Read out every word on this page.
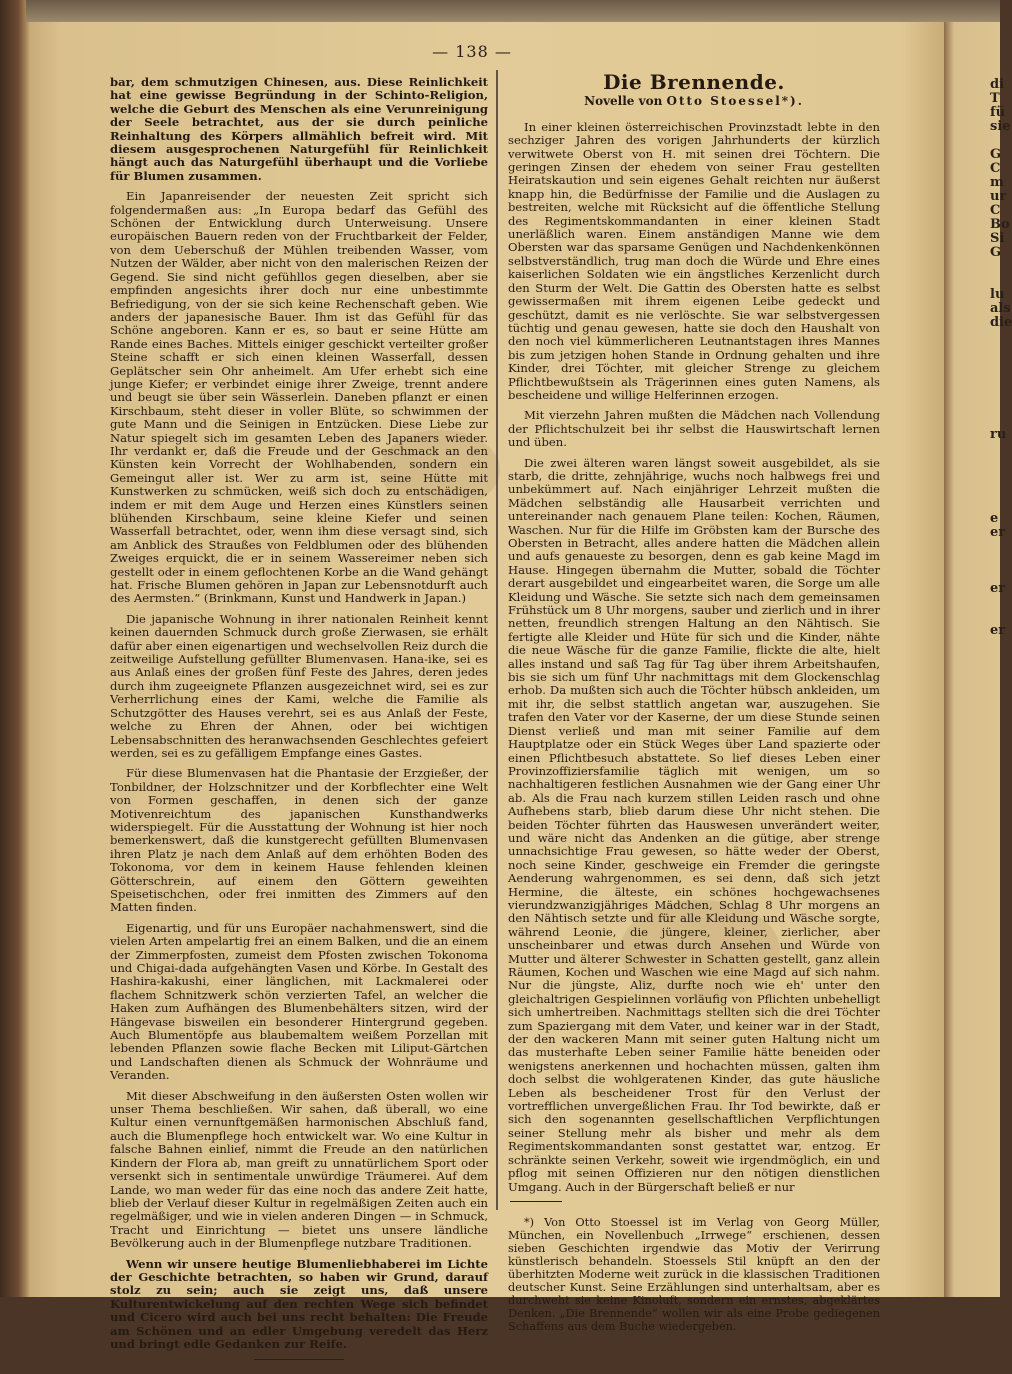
— 138 —

bar, dem schmutzigen Chinesen, aus. Diese Reinlichkeit hat eine gewisse Begründung in der Schinto-Religion, welche die Geburt des Menschen als eine Verunreinigung der Seele betrachtet, aus der sie durch peinliche Reinhaltung des Körpers allmählich befreit wird. Mit diesem ausgesprochenen Naturgefühl für Reinlichkeit hängt auch das Naturgefühl überhaupt und die Vorliebe für Blumen zusammen.

Ein Japanreisender der neuesten Zeit spricht sich folgendermaßen aus: „In Europa bedarf das Gefühl des Schönen der Entwicklung durch Unterweisung. Unsere europäischen Bauern reden von der Fruchtbarkeit der Felder, von dem Ueberschuß der Mühlen treibenden Wasser, vom Nutzen der Wälder, aber nicht von den malerischen Reizen der Gegend. Sie sind nicht gefühllos gegen dieselben, aber sie empfinden angesichts ihrer doch nur eine unbestimmte Befriedigung, von der sie sich keine Rechenschaft geben. Wie anders der japanesische Bauer. Ihm ist das Gefühl für das Schöne angeboren. Kann er es, so baut er seine Hütte am Rande eines Baches. Mittels einiger geschickt verteilter großer Steine schafft er sich einen kleinen Wasserfall, dessen Geplätscher sein Ohr anheimelt. Am Ufer erhebt sich eine junge Kiefer; er verbindet einige ihrer Zweige, trennt andere und beugt sie über sein Wässerlein. Daneben pflanzt er einen Kirschbaum, steht dieser in voller Blüte, so schwimmen der gute Mann und die Seinigen in Entzücken. Diese Liebe zur Natur spiegelt sich im gesamten Leben des Japaners wieder. Ihr verdankt er, daß die Freude und der Geschmack an den Künsten kein Vorrecht der Wohlhabenden, sondern ein Gemeingut aller ist. Wer zu arm ist, seine Hütte mit Kunstwerken zu schmücken, weiß sich doch zu entschädigen, indem er mit dem Auge und Herzen eines Künstlers seinen blühenden Kirschbaum, seine kleine Kiefer und seinen Wasserfall betrachtet, oder, wenn ihm diese versagt sind, sich am Anblick des Straußes von Feldblumen oder des blühenden Zweiges erquickt, die er in seinem Wassereimer neben sich gestellt oder in einem geflochtenen Korbe an die Wand gehängt hat. Frische Blumen gehören in Japan zur Lebensnotdurft auch des Aermsten.“ (Brinkmann, Kunst und Handwerk in Japan.)

Die japanische Wohnung in ihrer nationalen Reinheit kennt keinen dauernden Schmuck durch große Zierwasen, sie erhält dafür aber einen eigenartigen und wechselvollen Reiz durch die zeitweilige Aufstellung gefüllter Blumenvasen. Hana-ike, sei es aus Anlaß eines der großen fünf Feste des Jahres, deren jedes durch ihm zugeeignete Pflanzen ausgezeichnet wird, sei es zur Verherrlichung eines der Kami, welche die Familie als Schutzgötter des Hauses verehrt, sei es aus Anlaß der Feste, welche zu Ehren der Ahnen, oder bei wichtigen Lebensabschnitten des heranwachsenden Geschlechtes gefeiert werden, sei es zu gefälligem Empfange eines Gastes.

Für diese Blumenvasen hat die Phantasie der Erzgießer, der Tonbildner, der Holzschnitzer und der Korbflechter eine Welt von Formen geschaffen, in denen sich der ganze Motivenreichtum des japanischen Kunsthandwerks widerspiegelt. Für die Ausstattung der Wohnung ist hier noch bemerkenswert, daß die kunstgerecht gefüllten Blumenvasen ihren Platz je nach dem Anlaß auf dem erhöhten Boden des Tokonoma, vor dem in keinem Hause fehlenden kleinen Götterschrein, auf einem den Göttern geweihten Speisetischchen, oder frei inmitten des Zimmers auf den Matten finden.

Eigenartig, und für uns Europäer nachahmenswert, sind die vielen Arten ampelartig frei an einem Balken, und die an einem der Zimmerpfosten, zumeist dem Pfosten zwischen Tokonoma und Chigai-dada aufgehängten Vasen und Körbe. In Gestalt des Hashira-kakushi, einer länglichen, mit Lackmalerei oder flachem Schnitzwerk schön verzierten Tafel, an welcher die Haken zum Aufhängen des Blumenbehälters sitzen, wird der Hängevase bisweilen ein besonderer Hintergrund gegeben. Auch Blumentöpfe aus blaubemaltem weißem Porzellan mit lebenden Pflanzen sowie flache Becken mit Liliput-Gärtchen und Landschaften dienen als Schmuck der Wohnräume und Veranden.

Mit dieser Abschweifung in den äußersten Osten wollen wir unser Thema beschließen. Wir sahen, daß überall, wo eine Kultur einen vernunftgemäßen harmonischen Abschluß fand, auch die Blumenpflege hoch entwickelt war. Wo eine Kultur in falsche Bahnen einlief, nimmt die Freude an den natürlichen Kindern der Flora ab, man greift zu unnatürlichem Sport oder versenkt sich in sentimentale unwürdige Träumerei. Auf dem Lande, wo man weder für das eine noch das andere Zeit hatte, blieb der Verlauf dieser Kultur in regelmäßigen Zeiten auch ein regelmäßiger, und wie in vielen anderen Dingen — in Schmuck, Tracht und Einrichtung — bietet uns unsere ländliche Bevölkerung auch in der Blumenpflege nutzbare Traditionen.

Wenn wir unsere heutige Blumenliebhaberei im Lichte der Geschichte betrachten, so haben wir Grund, darauf stolz zu sein; auch sie zeigt uns, daß unsere Kulturentwickelung auf den rechten Wege sich befindet und Cicero wird auch bei uns recht behalten: Die Freude am Schönen und an edler Umgebung veredelt das Herz und bringt edle Gedanken zur Reife.

Die Brennende.
Novelle von Otto Stoessel*).

In einer kleinen österreichischen Provinzstadt lebte in den sechziger Jahren des vorigen Jahrhunderts der kürzlich verwitwete Oberst von H. mit seinen drei Töchtern. Die geringen Zinsen der ehedem von seiner Frau gestellten Heiratskaution und sein eigenes Gehalt reichten nur äußerst knapp hin, die Bedürfnisse der Familie und die Auslagen zu bestreiten, welche mit Rücksicht auf die öffentliche Stellung des Regimentskommandanten in einer kleinen Stadt unerläßlich waren. Einem anständigen Manne wie dem Obersten war das sparsame Genügen und Nachdenkenkönnen selbstverständlich, trug man doch die Würde und Ehre eines kaiserlichen Soldaten wie ein ängstliches Kerzenlicht durch den Sturm der Welt. Die Gattin des Obersten hatte es selbst gewissermaßen mit ihrem eigenen Leibe gedeckt und geschützt, damit es nie verlöschte. Sie war selbstvergessen tüchtig und genau gewesen, hatte sie doch den Haushalt von den noch viel kümmerlicheren Leutnantstagen ihres Mannes bis zum jetzigen hohen Stande in Ordnung gehalten und ihre Kinder, drei Töchter, mit gleicher Strenge zu gleichem Pflichtbewußtsein als Trägerinnen eines guten Namens, als bescheidene und willige Helferinnen erzogen.

Mit vierzehn Jahren mußten die Mädchen nach Vollendung der Pflichtschulzeit bei ihr selbst die Hauswirtschaft lernen und üben.

Die zwei älteren waren längst soweit ausgebildet, als sie starb, die dritte, zehnjährige, wuchs noch halbwegs frei und unbekümmert auf. Nach einjähriger Lehrzeit mußten die Mädchen selbständig alle Hausarbeit verrichten und untereinander nach genauem Plane teilen: Kochen, Räumen, Waschen. Nur für die Hilfe im Gröbsten kam der Bursche des Obersten in Betracht, alles andere hatten die Mädchen allein und aufs genaueste zu besorgen, denn es gab keine Magd im Hause. Hingegen übernahm die Mutter, sobald die Töchter derart ausgebildet und eingearbeitet waren, die Sorge um alle Kleidung und Wäsche. Sie setzte sich nach dem gemeinsamen Frühstück um 8 Uhr morgens, sauber und zierlich und in ihrer netten, freundlich strengen Haltung an den Nähtisch. Sie fertigte alle Kleider und Hüte für sich und die Kinder, nähte die neue Wäsche für die ganze Familie, flickte die alte, hielt alles instand und saß Tag für Tag über ihrem Arbeitshaufen, bis sie sich um fünf Uhr nachmittags mit dem Glockenschlag erhob. Da mußten sich auch die Töchter hübsch ankleiden, um mit ihr, die selbst stattlich angetan war, auszugehen. Sie trafen den Vater vor der Kaserne, der um diese Stunde seinen Dienst verließ und man mit seiner Familie auf dem Hauptplatze oder ein Stück Weges über Land spazierte oder einen Pflichtbesuch abstattete. So lief dieses Leben einer Provinzoffiziersfamilie täglich mit wenigen, um so nachhaltigeren festlichen Ausnahmen wie der Gang einer Uhr ab. Als die Frau nach kurzem stillen Leiden rasch und ohne Aufhebens starb, blieb darum diese Uhr nicht stehen. Die beiden Töchter führten das Hauswesen unverändert weiter, und wäre nicht das Andenken an die gütige, aber strenge unnachsichtige Frau gewesen, so hätte weder der Oberst, noch seine Kinder, geschweige ein Fremder die geringste Aenderung wahrgenommen, es sei denn, daß sich jetzt Hermine, die älteste, ein schönes hochgewachsenes vierundzwanzigjähriges Mädchen, Schlag 8 Uhr morgens an den Nähtisch setzte und für alle Kleidung und Wäsche sorgte, während Leonie, die jüngere, kleiner, zierlicher, aber unscheinbarer und etwas durch Ansehen und Würde von Mutter und älterer Schwester in Schatten gestellt, ganz allein Räumen, Kochen und Waschen wie eine Magd auf sich nahm. Nur die jüngste, Aliz, durfte noch wie eh' unter den gleichaltrigen Gespielinnen vorläufig von Pflichten unbehelligt sich umhertreiben. Nachmittags stellten sich die drei Töchter zum Spaziergang mit dem Vater, und keiner war in der Stadt, der den wackeren Mann mit seiner guten Haltung nicht um das musterhafte Leben seiner Familie hätte beneiden oder wenigstens anerkennen und hochachten müssen, galten ihm doch selbst die wohlgeratenen Kinder, das gute häusliche Leben als bescheidener Trost für den Verlust der vortrefflichen unvergeßlichen Frau. Ihr Tod bewirkte, daß er sich den sogenannten gesellschaftlichen Verpflichtungen seiner Stellung mehr als bisher und mehr als dem Regimentskommandanten sonst gestattet war, entzog. Er schränkte seinen Verkehr, soweit wie irgendmöglich, ein und pflog mit seinen Offizieren nur den nötigen dienstlichen Umgang. Auch in der Bürgerschaft beließ er nur

*) Von Otto Stoessel ist im Verlag von Georg Müller, München, ein Novellenbuch „Irrwege“ erschienen, dessen sieben Geschichten irgendwie das Motiv der Verirrung künstlerisch behandeln. Stoessels Stil knüpft an den der überhitzten Moderne weit zurück in die klassischen Traditionen deutscher Kunst. Seine Erzählungen sind unterhaltsam, aber es durchweht sie keine Kinoluft, sondern ein ernstes, abgeklärtes Denken. „Die Brennende“ wollen wir als eine Probe gediegenen Schaffens aus dem Buche wiedergeben.

di
T
fü
sie

G
C
m
ur
C
Bo
Si
G

lu
als
die

ru

e
er

er

er
